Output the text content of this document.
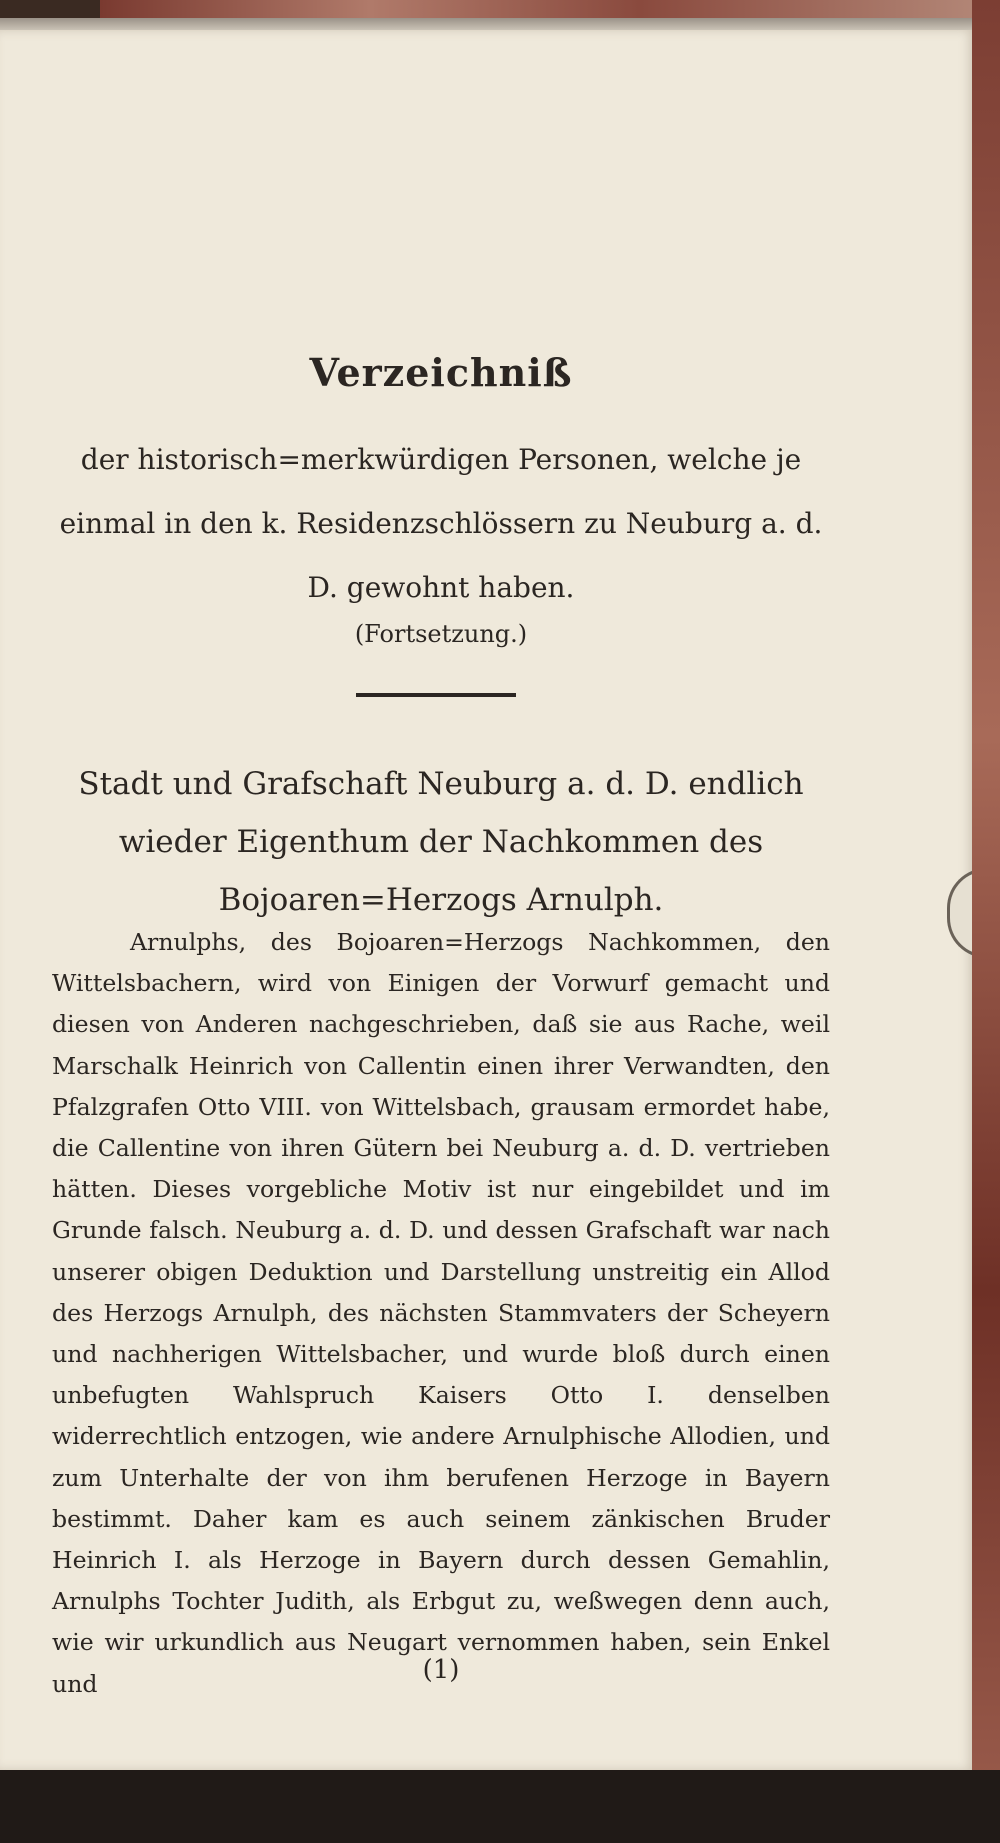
Verzeichniß
der historisch=merkwürdigen Personen, welche je einmal in den k. Residenzschlössern zu Neuburg a. d. D. gewohnt haben.
(Fortsetzung.)
Stadt und Grafschaft Neuburg a. d. D. endlich wieder Eigenthum der Nachkommen des Bojoaren=Herzogs Arnulph.

Arnulphs, des Bojoaren=Herzogs Nachkommen, den Wittelsbachern, wird von Einigen der Vorwurf gemacht und diesen von Anderen nachgeschrieben, daß sie aus Rache, weil Marschalk Heinrich von Callentin einen ihrer Verwandten, den Pfalzgrafen Otto VIII. von Wittelsbach, grausam ermordet habe, die Callentine von ihren Gütern bei Neuburg a. d. D. vertrieben hätten. Dieses vorgebliche Motiv ist nur eingebildet und im Grunde falsch. Neuburg a. d. D. und dessen Grafschaft war nach unserer obigen Deduktion und Darstellung unstreitig ein Allod des Herzogs Arnulph, des nächsten Stammvaters der Scheyern und nachherigen Wittelsbacher, und wurde bloß durch einen unbefugten Wahlspruch Kaisers Otto I. denselben widerrechtlich entzogen, wie andere Arnulphische Allodien, und zum Unterhalte der von ihm berufenen Herzoge in Bayern bestimmt. Daher kam es auch seinem zänkischen Bruder Heinrich I. als Herzoge in Bayern durch dessen Gemahlin, Arnulphs Tochter Judith, als Erbgut zu, weßwegen denn auch, wie wir urkundlich aus Neugart vernommen haben, sein Enkel und	(1)
